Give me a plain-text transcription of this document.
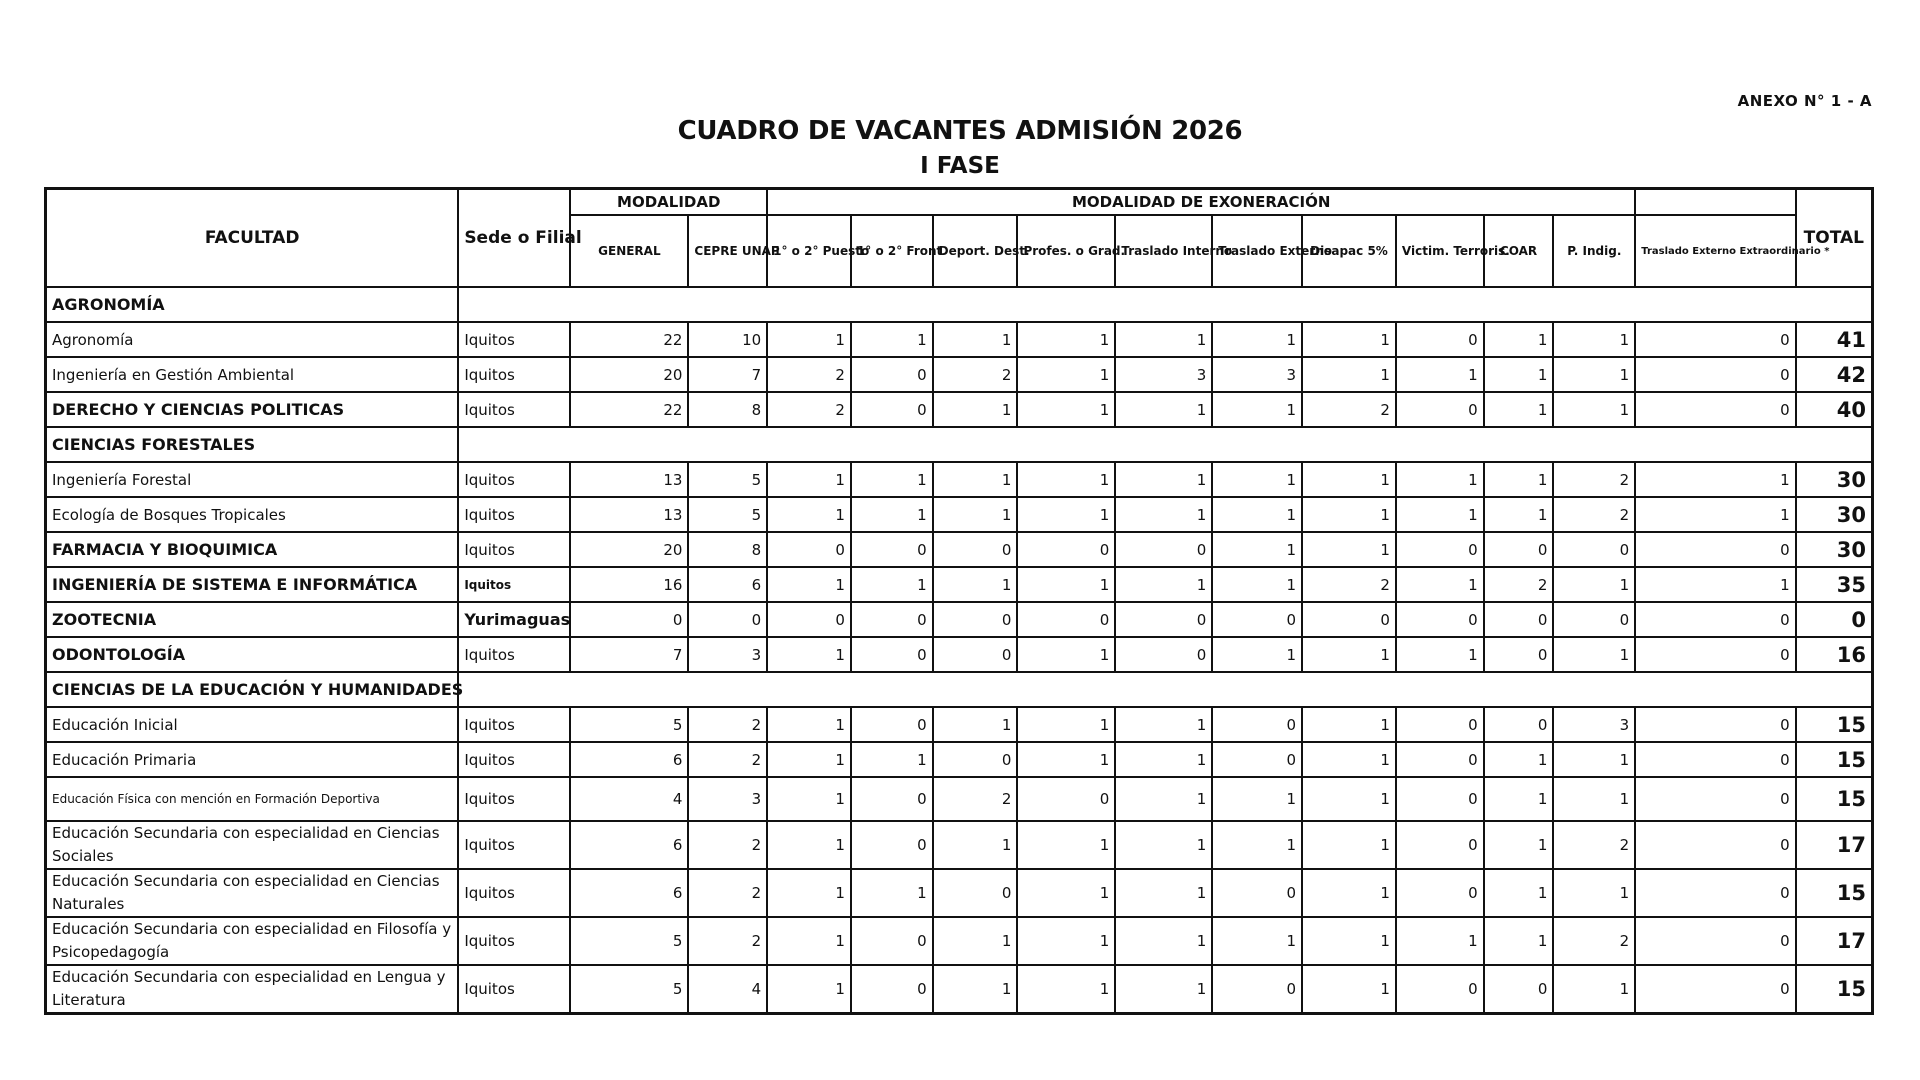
ANEXO N° 1 - A
CUADRO DE VACANTES ADMISIÓN 2026
I FASE
FACULTAD	Sede o Filial	MODALIDAD		MODALIDAD DE EXONERACIÓN											TOTAL
		GENERAL	CEPRE UNAP	1° o 2° Puesto	1° o 2° Front	Deport. Dest.	Profes. o Grad.	Traslado Interno	Traslado Externo	Disapac 5%	Victim. Terroris.	COAR	P. Indig.	Traslado Externo Extraordinario *	
AGRONOMÍA															
Agronomía	Iquitos	22	10	1	1	1	1	1	1	1	0	1	1	0	41
Ingeniería en Gestión Ambiental	Iquitos	20	7	2	0	2	1	3	3	1	1	1	1	0	42
DERECHO Y CIENCIAS POLITICAS	Iquitos	22	8	2	0	1	1	1	1	2	0	1	1	0	40
CIENCIAS FORESTALES															
Ingeniería Forestal	Iquitos	13	5	1	1	1	1	1	1	1	1	1	2	1	30
Ecología de Bosques Tropicales	Iquitos	13	5	1	1	1	1	1	1	1	1	1	2	1	30
FARMACIA Y BIOQUIMICA	Iquitos	20	8	0	0	0	0	0	1	1	0	0	0	0	30
INGENIERÍA DE SISTEMA E INFORMÁTICA	Iquitos	16	6	1	1	1	1	1	1	2	1	2	1	1	35
ZOOTECNIA	Yurimaguas	0	0	0	0	0	0	0	0	0	0	0	0	0	0
ODONTOLOGÍA	Iquitos	7	3	1	0	0	1	0	1	1	1	0	1	0	16
CIENCIAS DE LA EDUCACIÓN Y HUMANIDADES															
Educación Inicial	Iquitos	5	2	1	0	1	1	1	0	1	0	0	3	0	15
Educación Primaria	Iquitos	6	2	1	1	0	1	1	0	1	0	1	1	0	15
Educación Física con mención en Formación Deportiva	Iquitos	4	3	1	0	2	0	1	1	1	0	1	1	0	15
Educación Secundaria con especialidad en Ciencias Sociales	Iquitos	6	2	1	0	1	1	1	1	1	0	1	2	0	17
Educación Secundaria con especialidad en Ciencias Naturales	Iquitos	6	2	1	1	0	1	1	0	1	0	1	1	0	15
Educación Secundaria con especialidad en Filosofía y Psicopedagogía	Iquitos	5	2	1	0	1	1	1	1	1	1	1	2	0	17
Educación Secundaria con especialidad en Lengua y Literatura	Iquitos	5	4	1	0	1	1	1	0	1	0	0	1	0	15
